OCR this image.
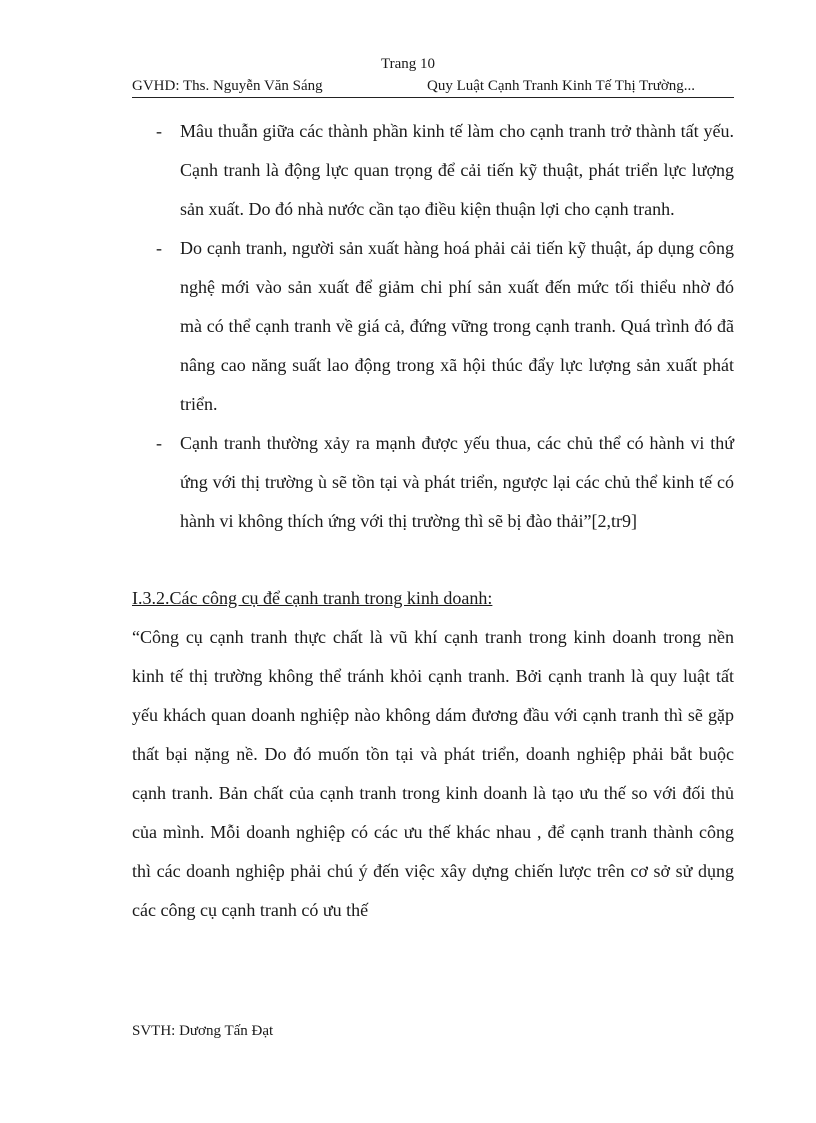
Trang 10
GVHD: Ths. Nguyễn Văn Sáng	Quy Luật Cạnh Tranh Kinh Tế Thị Trường...
- Mâu thuẫn giữa các thành phần kinh tế làm cho cạnh tranh trở thành tất yếu. Cạnh tranh là động lực quan trọng để cải tiến kỹ thuật, phát triển lực lượng sản xuất. Do đó nhà nước cần tạo điều kiện thuận lợi cho cạnh tranh.
- Do cạnh tranh, người sản xuất hàng hoá phải cải tiến kỹ thuật, áp dụng công nghệ mới vào sản xuất để giảm chi phí sản xuất đến mức tối thiểu nhờ đó mà có thể cạnh tranh về giá cả, đứng vững trong cạnh tranh. Quá trình đó đã nâng cao năng suất lao động trong xã hội thúc đẩy lực lượng sản xuất phát triển.
- Cạnh tranh thường xảy ra mạnh được yếu thua, các chủ thể có hành vi thứ ứng với thị trường ù sẽ tồn tại và phát triển, ngược lại các chủ thể kinh tế có hành vi không thích ứng với thị trường thì sẽ bị đào thải”[2,tr9]
I.3.2.Các công cụ để cạnh tranh trong kinh doanh:
“Công cụ cạnh tranh thực chất là vũ khí cạnh tranh trong kinh doanh trong nền kinh tế thị trường không thể tránh khỏi cạnh tranh. Bởi cạnh tranh là quy luật tất yếu khách quan doanh nghiệp nào không dám đương đầu với cạnh tranh thì sẽ gặp thất bại nặng nề. Do đó muốn tồn tại và phát triển, doanh nghiệp phải bắt buộc cạnh tranh. Bản chất của cạnh tranh trong kinh doanh là tạo ưu thế so với đối thủ của mình. Mỗi doanh nghiệp có các ưu thế khác nhau , để cạnh tranh thành công thì các doanh nghiệp phải chú ý đến việc xây dựng chiến lược trên cơ sở sử dụng các công cụ cạnh tranh có ưu thế
SVTH: Dương Tấn Đạt
